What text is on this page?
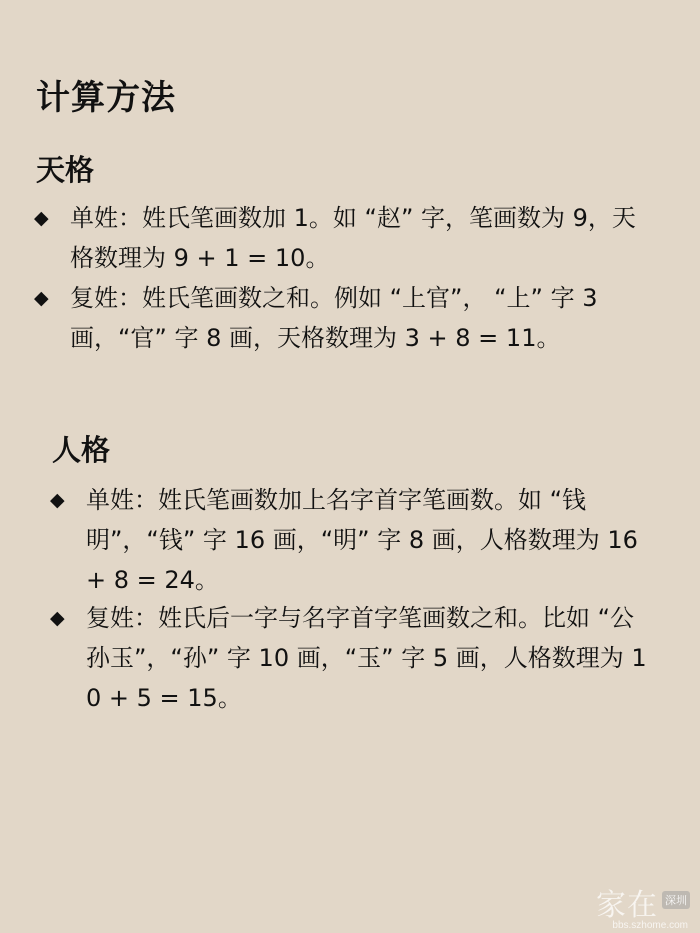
计算方法
天格
◆ 单姓：姓氏笔画数加 1。如 “赵” 字，笔画数为 9，天格数理为 9 + 1 = 10。
◆ 复姓：姓氏笔画数之和。例如 “上官”， “上” 字 3 画，“官” 字 8 画，天格数理为 3 + 8 = 11。
人格
◆ 单姓：姓氏笔画数加上名字首字笔画数。如 “钱明”，“钱” 字 16 画，“明” 字 8 画，人格数理为 16 + 8 = 24。
◆ 复姓：姓氏后一字与名字首字笔画数之和。比如 “公孙玉”，“孙” 字 10 画，“玉” 字 5 画，人格数理为 10 + 5 = 15。
家在 深圳
bbs.szhome.com
